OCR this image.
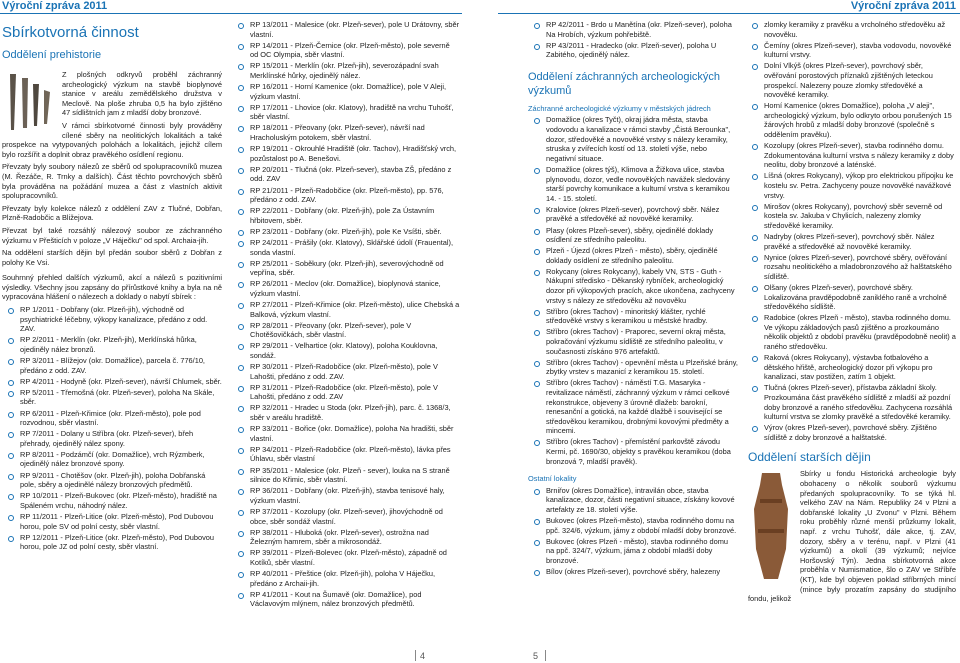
Výroční zpráva 2011	Výroční zpráva 2011
Sbírkotvorná činnost
Oddělení prehistorie

Z plošných odkryvů proběhl záchranný archeologický výzkum na stavbě bioplynové stanice v areálu zemědělského družstva v Meclově. Na ploše zhruba 0,5 ha bylo zjištěno 47 sídlištních jam z mladší doby bronzové.

V rámci sbírkotvorné činnosti byly prováděny cílené sběry na neolitických lokalitách a také prospekce na vytypovaných polohách a lokalitách, jejichž cílem bylo rozšířit a doplnit obraz pravěkého osídlení regionu.

Převzaty byly soubory nálezů ze sběrů od spolupracovníků muzea (M. Řezáče, R. Trnky a dalších). Část těchto povrchových sběrů byla prováděna na požádání muzea a část z vlastních aktivit spolupracovníků.

Převzaty byly kolekce nálezů z oddělení ZAV z Tlučné, Dobřan, Plzně-Radobčic a Bližejova.

Převzat byl také rozsáhlý nálezový soubor ze záchranného výzkumu v Přešticích v poloze „V Háječku" od spol. Archaia-jih.

Na oddělení starších dějin byl předán soubor sběrů z Dobřan z polohy Ke Vsi.

Souhrnný přehled dalších výzkumů, akcí a nálezů s pozitivními výsledky. Všechny jsou zapsány do přírůstkové knihy a byla na ně vypracována hlášení o nálezech a doklady o nabytí sbírek :

RP 1/2011 - Dobřany (okr. Plzeň-jih), východně od psychiatrické léčebny, výkopy kanalizace, předáno z odd. ZAV.
RP 2/2011 - Merklín (okr. Plzeň-jih), Merklínská hůrka, ojediněly nález bronzů.
RP 3/2011 - Blížejov (okr. Domažlice), parcela č. 776/10, předáno z odd. ZAV.
RP 4/2011 - Hodyně (okr. Plzeň-sever), návrší Chlumek, sběr.
RP 5/2011 - Třemošná (okr. Plzeň-sever), poloha Na Skále, sběr.
RP 6/2011 - Plzeň-Křimice (okr. Plzeň-město), pole pod rozvodnou, sběr vlastní.
RP 7/2011 - Dolany u Stříbra (okr. Plzeň-sever), břeh přehrady, ojedinělý nález spony.
RP 8/2011 - Podzámčí (okr. Domažlice), vrch Rýzmberk, ojedinělý nález bronzové spony.
RP 9/2011 - Chotěšov (okr. Plzeň-jih), poloha Dobřanská pole, sběry a ojedinělé nálezy bronzových předmětů.
RP 10/2011 - Plzeň-Bukovec (okr. Plzeň-město), hradiště na Spáleném vrchu, náhodný nález.
RP 11/2011 - Plzeň-Litice (okr. Plzeň-město), Pod Dubovou horou, pole SV od polní cesty, sběr vlastní.
RP 12/2011 - Plzeň-Litice (okr. Plzeň-město), Pod Dubovou horou, pole JZ od polní cesty, sběr vlastní.
RP 13/2011 - Malesice (okr. Plzeň-sever), pole U Drátovny, sběr vlastní.
RP 14/2011 - Plzeň-Černice (okr. Plzeň-město), pole severně od OC Olympia, sběr vlastní.
RP 15/2011 - Merklín (okr. Plzeň-jih), severozápadní svah Merklínské hůrky, ojedinělý nález.
RP 16/2011 - Horní Kamenice (okr. Domažlice), pole V Aleji, výzkum vlastní.
RP 17/2011 - Lhovice (okr. Klatovy), hradiště na vrchu Tuhošť, sběr vlastní.
RP 18/2011 - Přeovany (okr. Plzeň-sever), návrší nad Hracholuským potokem, sběr vlastní.
RP 19/2011 - Okrouhlé Hradiště (okr. Tachov), Hradišťský vrch, pozůstalost po A. Benešovi.
RP 20/2011 - Tlučná (okr. Plzeň-sever), stavba ZŠ, předáno z odd. ZAV
RP 21/2011 - Plzeň-Radobčice (okr. Plzeň-město), pp. 576, předáno z odd. ZAV.
RP 22/2011 - Dobřany (okr. Plzeň-jih), pole Za Ústavním hřbitovem, sběr.
RP 23/2011 - Dobřany (okr. Plzeň-jih), pole Ke Vsíšti, sběr.
RP 24/2011 - Prášily (okr. Klatovy), Sklářské údolí (Frauental), sonda vlastní.
RP 25/2011 - Soběkury (okr. Plzeň-jih), severovýchodně od vepřína, sběr.
RP 26/2011 - Meclov (okr. Domažlice), bioplynová stanice, výzkum vlastní.
RP 27/2011 - Plzeň-Křimice (okr. Plzeň-město), ulice Chebská a Balková, výzkum vlastní.
RP 28/2011 - Přeovany (okr. Plzeň-sever), pole V Chotěšovičkách, sběr vlastní.
RP 29/2011 - Velhartice (okr. Klatovy), poloha Kouklovna, sondáž.
RP 30/2011 - Plzeň-Radobčice (okr. Plzeň-město), pole V Lahošti, předáno z odd. ZAV.
RP 31/2011 - Plzeň-Radobčice (okr. Plzeň-město), pole V Lahošti, předáno z odd. ZAV
RP 32/2011 - Hradec u Stoda (okr. Plzeň-jih), parc. č. 1368/3, sběr v areálu hradiště.
RP 33/2011 - Bořice (okr. Domažlice), poloha Na hradišti, sběr vlastní.
RP 34/2011 - Plzeň-Radobčice (okr. Plzeň-město), lávka přes Úhlavu, sběr vlastní
RP 35/2011 - Malesice (okr. Plzeň - sever), louka na S straně silnice do Křimic, sběr vlastní.
RP 36/2011 - Dobřany (okr. Plzeň-jih), stavba tenisové haly, výzkum vlastní.
RP 37/2011 - Kozolupy (okr. Plzeň-sever), jihovýchodně od obce, sběr sondáž vlastní.
RP 38/2011 - Hluboká (okr. Plzeň-sever), ostrožna nad Železným hamrem, sběr a mikrosondáž.
RP 39/2011 - Plzeň-Bolevec (okr. Plzeň-město), západně od Kotíků, sběr vlastní.
RP 40/2011 - Přeštice (okr. Plzeň-jih), poloha V Háječku, předáno z Archaii-jih.
RP 41/2011 - Kout na Šumavě (okr. Domažlice), pod Václavovým mlýnem, nález bronzových předmětů.
RP 42/2011 - Brdo u Manětína (okr. Plzeň-sever), poloha Na Hrobích, výzkum pohřebiště.
RP 43/2011 - Hradecko (okr. Plzeň-sever), poloha U Zabitého, ojedinělý nález.
Oddělení záchranných archeologických výzkumů
Záchranné archeologické výzkumy v městských jádrech
Domažlice (okres Tyčt), okraj jádra města, stavba vodovodu a kanalizace v rámci stavby „Čistá Berounka", dozor, středověké a novověké vrstvy s nálezy keramiky, struska y zvířecích kostí od 13. století výše, nebo negativní situace.
Domažlice (okres týš), Klimova a Žižkova ulice, stavba plynovodu, dozor, vedle novověkých navážek sledovány starší povrchy komunikace a kulturní vrstva s keramikou 14. - 15. století.
Kralovice (okres Plzeň-sever), povrchový sběr. Nález pravěké a středověké až novověké keramiky.
Plasy (okres Plzeň-sever), sběry, ojedinělé doklady osídlení ze středního paleolitu.
Plzeň - Újezd (okres Plzeň - město), sběry, ojedinělé doklady osídlení ze středního paleolitu.
Rokycany (okres Rokycany), kabely VN, STS - Guth - Nákupní středisko - Děkanský rybníček, archeologický dozor při výkopových pracích, akce ukončena, zachyceny vrstvy s nálezy ze středověku až novověku
Stříbro (okres Tachov) - minoritský klášter, rychlé středověké vrstvy s keramikou u městské hradby.
Stříbro (okres Tachov) - Praporec, severní okraj města, pokračování výzkumu sídliště ze středního paleolitu, v současnosti získáno 976 artefaktů.
Stříbro (okres Tachov) - opevnění města u Plzeňské brány, zbytky vrstev s mazanicí z keramikou 15. století.
Stříbro (okres Tachov) - náměstí T.G. Masaryka - revitalizace náměstí, záchranný výzkum v rámci celkové rekonstrukce, objeveny 3 úrovně dlažeb: barokní, renesanční a gotická, na každé dlažbě i související se středověkou keramikou, drobnými kovovými předměty a mincemi.
Stříbro (okres Tachov) - přemístění parkovště závodu Kermi, pč. 1690/30, objekty s pravěkou keramikou (doba bronzová ?, mladší pravěk).
Ostatní lokality
Brniřov (okres Domažlice), intravilán obce, stavba kanalizace, dozor, části negativní situace, získány kovové artefakty ze 18. století výše.
Bukovec (okres Plzeň-město), stavba rodinného domu na ppč. 324/6, výzkum, jámy z období mladší doby bronzové.
Bukovec (okres Plzeň - město), stavba rodinného domu na ppč. 324/7, výzkum, jáma z období mladší doby bronzové.
Bílov (okres Plzeň-sever), povrchové sběry, halezeny
zlomky keramiky z pravěku a vrcholného středověku až novověku.
Čemíny (okres Plzeň-sever), stavba vodovodu, novověké kulturní vrstvy.
Dolní Vlkýš (okres Plzeň-sever), povrchový sběr, ověřování porostových příznaků zjištěných leteckou prospekcí. Nalezeny pouze zlomky středověké a novověké keramiky.
Horní Kamenice (okres Domažlice), poloha „V aleji", archeologický výzkum, bylo odkryto orbou porušených 15 žárových hrobů z mladší doby bronzové (společně s oddělením pravěku).
Kozolupy (okres Plzeň-sever), stavba rodinného domu. Zdokumentována kulturní vrstva s nálezy keramiky z doby neolitu, doby bronzové a laténské.
Líšná (okres Rokycany), výkop pro elektrickou přípojku ke kostelu sv. Petra. Zachyceny pouze novověké navážkové vrstvy.
Mirošov (okres Rokycany), povrchový sběr severně od kostela sv. Jakuba v Chylicích, nalezeny zlomky středověké keramiky.
Nadryby (okres Plzeň-sever), povrchový sběr. Nález pravěké a středověké až novověké keramiky.
Nynice (okres Plzeň-sever), povrchové sběry, ověřování rozsahu neolitického a mladobronzového až halštatského sídliště.
Olšany (okres Plzeň-sever), povrchové sběry. Lokalizována pravděpodobně zaniklého raně a vrcholně středověkého sídliště.
Radobice (okres Plzeň - město), stavba rodinného domu. Ve výkopu základových pasů zjištěno a prozkoumáno několik objektů z období pravěku (pravděpodobně neolit) a raného středověku.
Raková (okres Rokycany), výstavba fotbalového a dětského hřiště, archeologický dozor při výkopu pro kanalizaci, stav postižen, zatím 1 objekt.
Tlučná (okres Plzeň-sever), přístavba základní školy. Prozkoumána část pravěkého sídliště z mladší až pozdní doby bronzové a raného středověku. Zachycena rozsáhlá kulturní vrstva se zlomky pravěké a středověké keramiky.
Výrov (okres Plzeň-sever), povrchové sběry. Zjištěno sídliště z doby bronzové a halštatské.
Oddělení starších dějin

Sbírky u fondu Historická archeologie byly obohaceny o několik souborů výzkumu předaných spolupracovníky. To se týká hl. velkého ZAV na Nám. Republiky 24 v Plzni a dobřanské lokality „U Zvonu" v Plzni. Během roku proběhly různé menší průzkumy lokalit, např. z vrchu Tuhošť, dále akce, tj. ZAV, dozory, sběry a v terénu, např. v Plzni (41 výzkumů) a okolí (39 výzkumů; nejvíce Horšovský Týn). Jedna sbírkotvorná akce proběhla v Numismatice, šlo o ZAV ve Stříbře (KT), kde byl objeven poklad stříbrných mincí (mince byly prozatím zapsány do studijního fondu, jelikož

4	5
